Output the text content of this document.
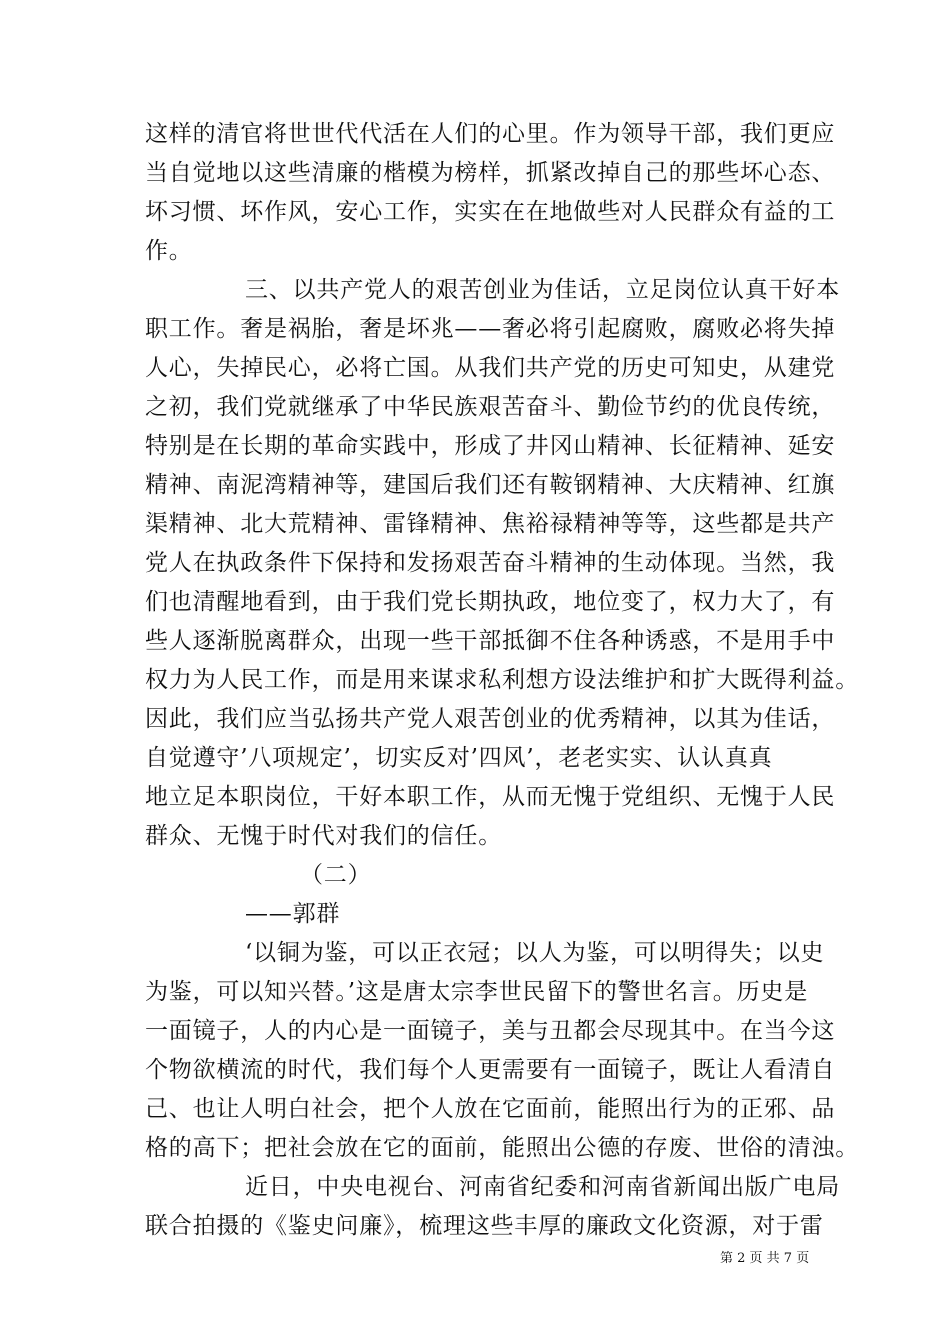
这样的清官将世世代代活在人们的心里。作为领导干部，我们更应
当自觉地以这些清廉的楷模为榜样，抓紧改掉自己的那些坏心态、
坏习惯、坏作风，安心工作，实实在在地做些对人民群众有益的工
作。
三、以共产党人的艰苦创业为佳话，立足岗位认真干好本
职工作。奢是祸胎，奢是坏兆——奢必将引起腐败，腐败必将失掉
人心，失掉民心，必将亡国。从我们共产党的历史可知史，从建党
之初，我们党就继承了中华民族艰苦奋斗、勤俭节约的优良传统，
特别是在长期的革命实践中，形成了井冈山精神、长征精神、延安
精神、南泥湾精神等，建国后我们还有鞍钢精神、大庆精神、红旗
渠精神、北大荒精神、雷锋精神、焦裕禄精神等等，这些都是共产
党人在执政条件下保持和发扬艰苦奋斗精神的生动体现。当然，我
们也清醒地看到，由于我们党长期执政，地位变了，权力大了，有
些人逐渐脱离群众，出现一些干部抵御不住各种诱惑，不是用手中
权力为人民工作，而是用来谋求私利想方设法维护和扩大既得利益。
因此，我们应当弘扬共产党人艰苦创业的优秀精神，以其为佳话，
自觉遵守’八项规定’，切实反对’四风’，老老实实、认认真真
地立足本职岗位，干好本职工作，从而无愧于党组织、无愧于人民
群众、无愧于时代对我们的信任。
（二）
——郭群
‘以铜为鉴，可以正衣冠；以人为鉴，可以明得失；以史
为鉴，可以知兴替。’这是唐太宗李世民留下的警世名言。历史是
一面镜子，人的内心是一面镜子，美与丑都会尽现其中。在当今这
个物欲横流的时代，我们每个人更需要有一面镜子，既让人看清自
己、也让人明白社会，把个人放在它面前，能照出行为的正邪、品
格的高下；把社会放在它的面前，能照出公德的存废、世俗的清浊。
近日，中央电视台、河南省纪委和河南省新闻出版广电局
联合拍摄的《鉴史问廉》，梳理这些丰厚的廉政文化资源，对于雷
第 2 页 共 7 页
